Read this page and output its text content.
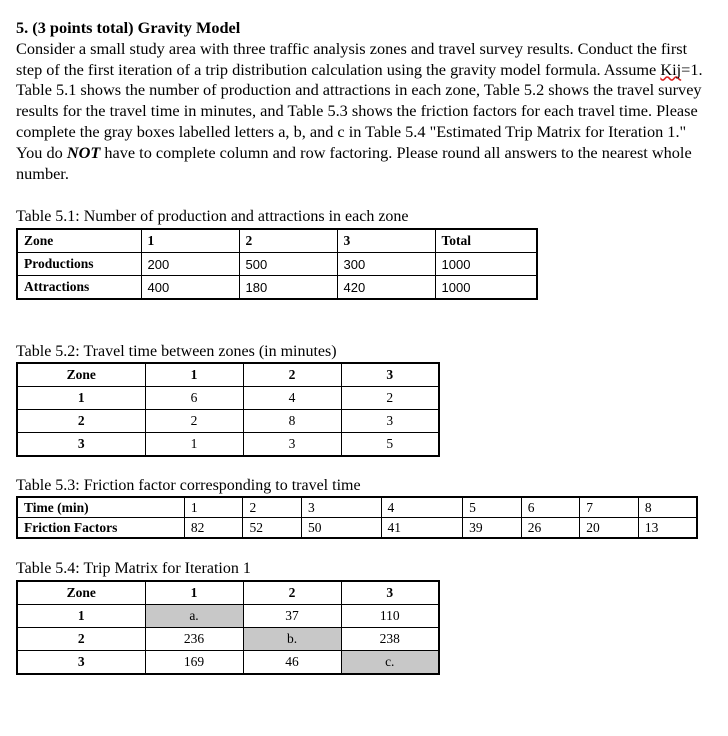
5. (3 points total) Gravity Model
Consider a small study area with three traffic analysis zones and travel survey results. Conduct the first step of the first iteration of a trip distribution calculation using the gravity model formula. Assume Kij=1. Table 5.1 shows the number of production and attractions in each zone, Table 5.2 shows the travel survey results for the travel time in minutes, and Table 5.3 shows the friction factors for each travel time. Please complete the gray boxes labelled letters a, b, and c in Table 5.4 "Estimated Trip Matrix for Iteration 1." You do NOT have to complete column and row factoring. Please round all answers to the nearest whole number.
Table 5.1: Number of production and attractions in each zone
Zone	1	2	3	Total
Productions	200	500	300	1000
Attractions	400	180	420	1000
Table 5.2: Travel time between zones (in minutes)
Zone	1	2	3
1	6	4	2
2	2	8	3
3	1	3	5
Table 5.3: Friction factor corresponding to travel time
Time (min)	1	2	3	4	5	6	7	8
Friction Factors	82	52	50	41	39	26	20	13
Table 5.4: Trip Matrix for Iteration 1
Zone	1	2	3
1	a.	37	110
2	236	b.	238
3	169	46	c.
